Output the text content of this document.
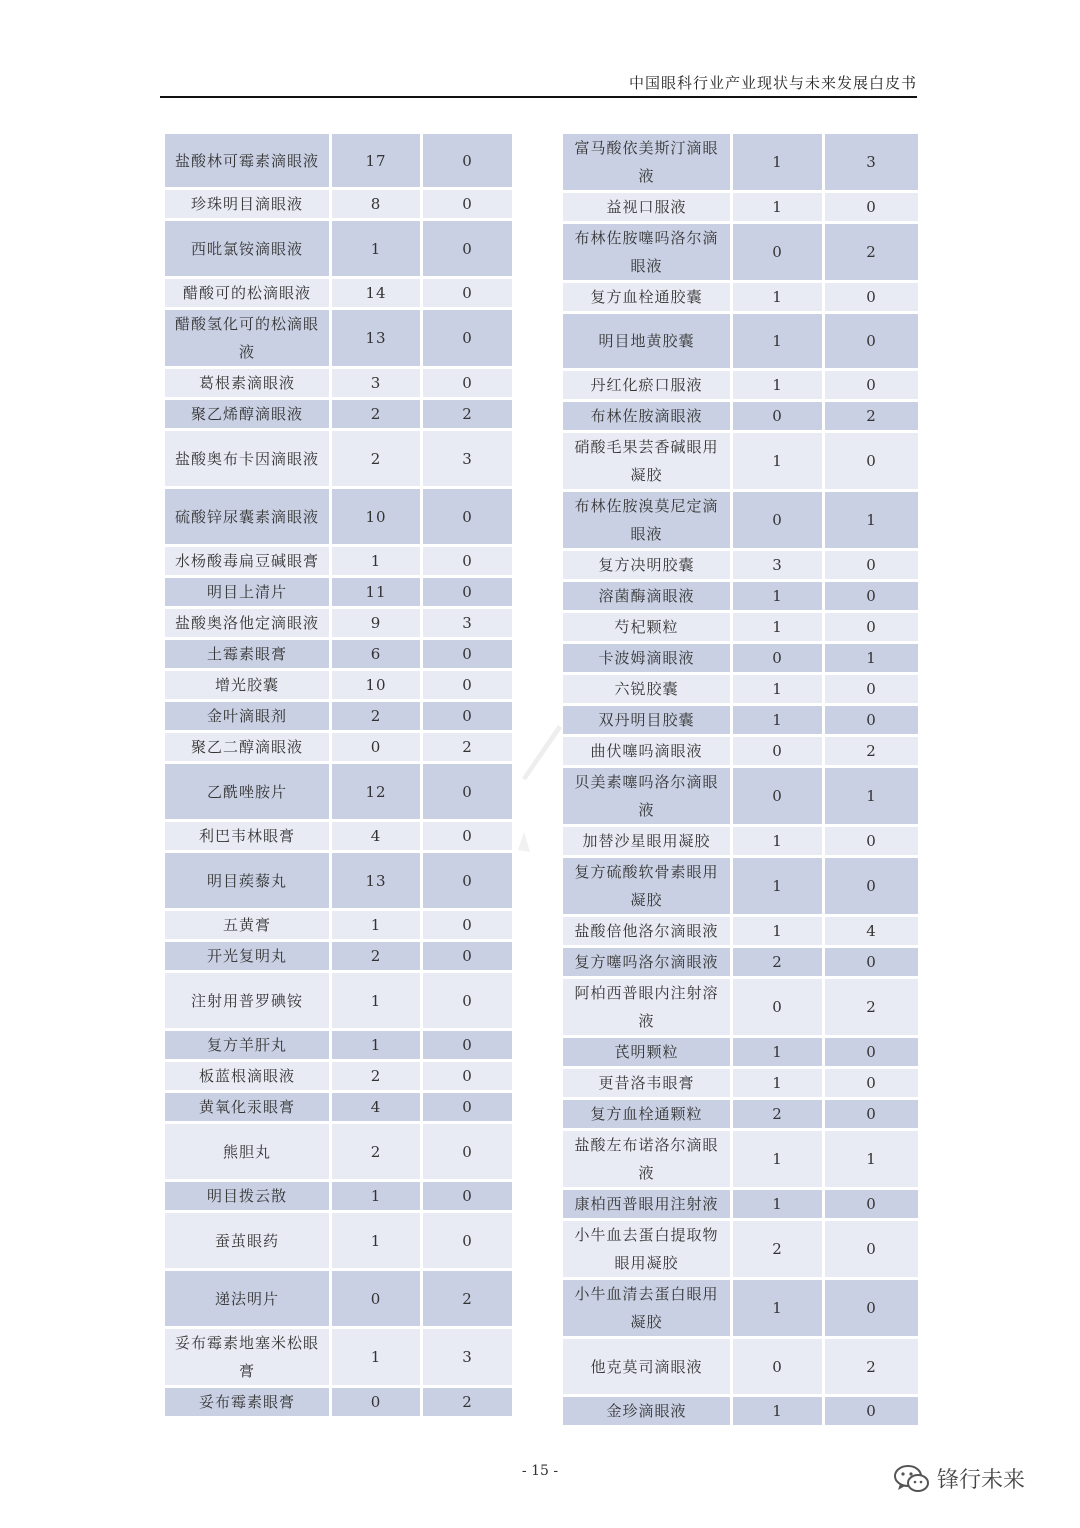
中国眼科行业产业现状与未来发展白皮书
盐酸林可霉素滴眼液	17	0
珍珠明目滴眼液	8	0
西吡氯铵滴眼液	1	0
醋酸可的松滴眼液	14	0
醋酸氢化可的松滴眼液	13	0
葛根素滴眼液	3	0
聚乙烯醇滴眼液	2	2
盐酸奥布卡因滴眼液	2	3
硫酸锌尿囊素滴眼液	10	0
水杨酸毒扁豆碱眼膏	1	0
明目上清片	11	0
盐酸奥洛他定滴眼液	9	3
土霉素眼膏	6	0
增光胶囊	10	0
金叶滴眼剂	2	0
聚乙二醇滴眼液	0	2
乙酰唑胺片	12	0
利巴韦林眼膏	4	0
明目蒺藜丸	13	0
五黄膏	1	0
开光复明丸	2	0
注射用普罗碘铵	1	0
复方羊肝丸	1	0
板蓝根滴眼液	2	0
黄氧化汞眼膏	4	0
熊胆丸	2	0
明目拨云散	1	0
蚕茧眼药	1	0
递法明片	0	2
妥布霉素地塞米松眼膏	1	3
妥布霉素眼膏	0	2
富马酸依美斯汀滴眼液	1	3
益视口服液	1	0
布林佐胺噻吗洛尔滴眼液	0	2
复方血栓通胶囊	1	0
明目地黄胶囊	1	0
丹红化瘀口服液	1	0
布林佐胺滴眼液	0	2
硝酸毛果芸香碱眼用凝胶	1	0
布林佐胺溴莫尼定滴眼液	0	1
复方决明胶囊	3	0
溶菌酶滴眼液	1	0
芍杞颗粒	1	0
卡波姆滴眼液	0	1
六锐胶囊	1	0
双丹明目胶囊	1	0
曲伏噻吗滴眼液	0	2
贝美素噻吗洛尔滴眼液	0	1
加替沙星眼用凝胶	1	0
复方硫酸软骨素眼用凝胶	1	0
盐酸倍他洛尔滴眼液	1	4
复方噻吗洛尔滴眼液	2	0
阿柏西普眼内注射溶液	0	2
芪明颗粒	1	0
更昔洛韦眼膏	1	0
复方血栓通颗粒	2	0
盐酸左布诺洛尔滴眼液	1	1
康柏西普眼用注射液	1	0
小牛血去蛋白提取物眼用凝胶	2	0
小牛血清去蛋白眼用凝胶	1	0
他克莫司滴眼液	0	2
金珍滴眼液	1	0
- 15 -	锋行未来
